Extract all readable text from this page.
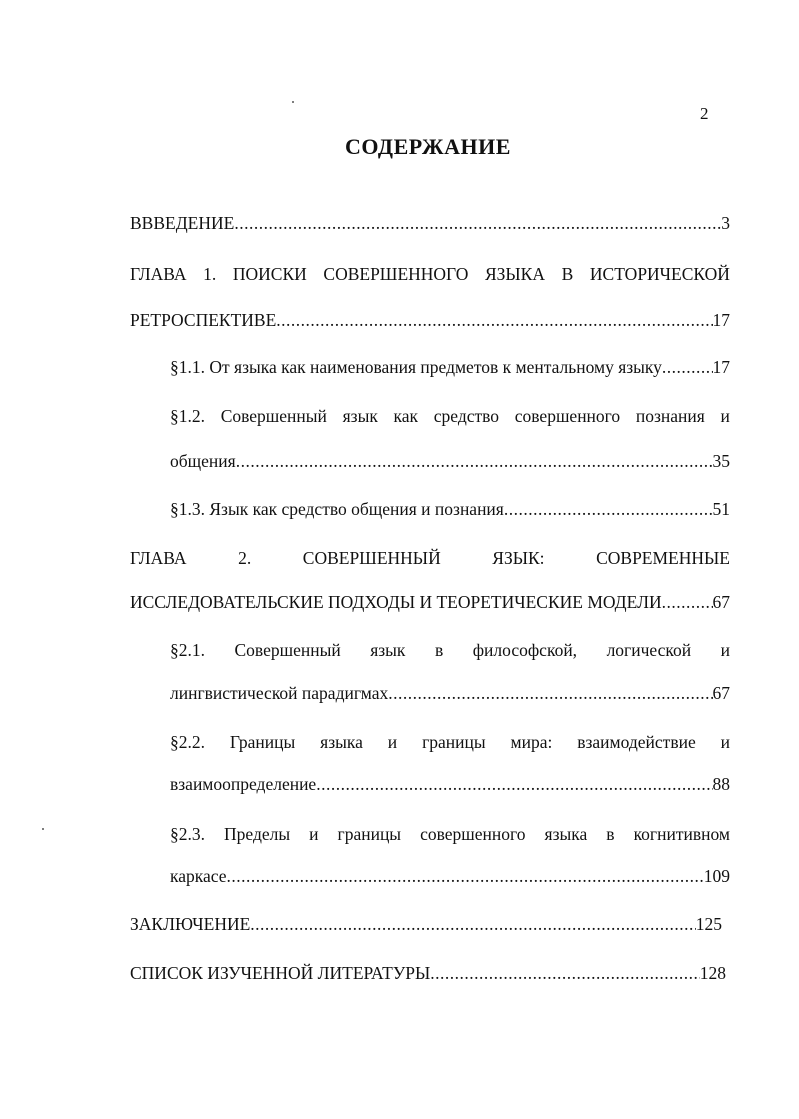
2
СОДЕРЖАНИЕ
ВВВЕДЕНИЕ .....	3
ГЛАВА 1. ПОИСКИ СОВЕРШЕННОГО ЯЗЫКА В ИСТОРИЧЕСКОЙ
РЕТРОСПЕКТИВЕ .....	17
§1.1. От языка как наименования предметов к ментальному языку .....	17
§1.2. Совершенный язык как средство совершенного познания и
общения .....	35
§1.3. Язык как средство общения и познания .....	51
ГЛАВА	2.	СОВЕРШЕННЫЙ	ЯЗЫК:	СОВРЕМЕННЫЕ
ИССЛЕДОВАТЕЛЬСКИЕ ПОДХОДЫ И ТЕОРЕТИЧЕСКИЕ МОДЕЛИ .....	67
§2.1. Совершенный язык в философской, логической и
лингвистической парадигмах .....	67
§2.2. Границы языка и границы мира: взаимодействие и
взаимоопределение .....	88
§2.3. Пределы и границы совершенного языка в когнитивном
каркасе .....	109
ЗАКЛЮЧЕНИЕ .....	125
СПИСОК ИЗУЧЕННОЙ ЛИТЕРАТУРЫ .....	128
